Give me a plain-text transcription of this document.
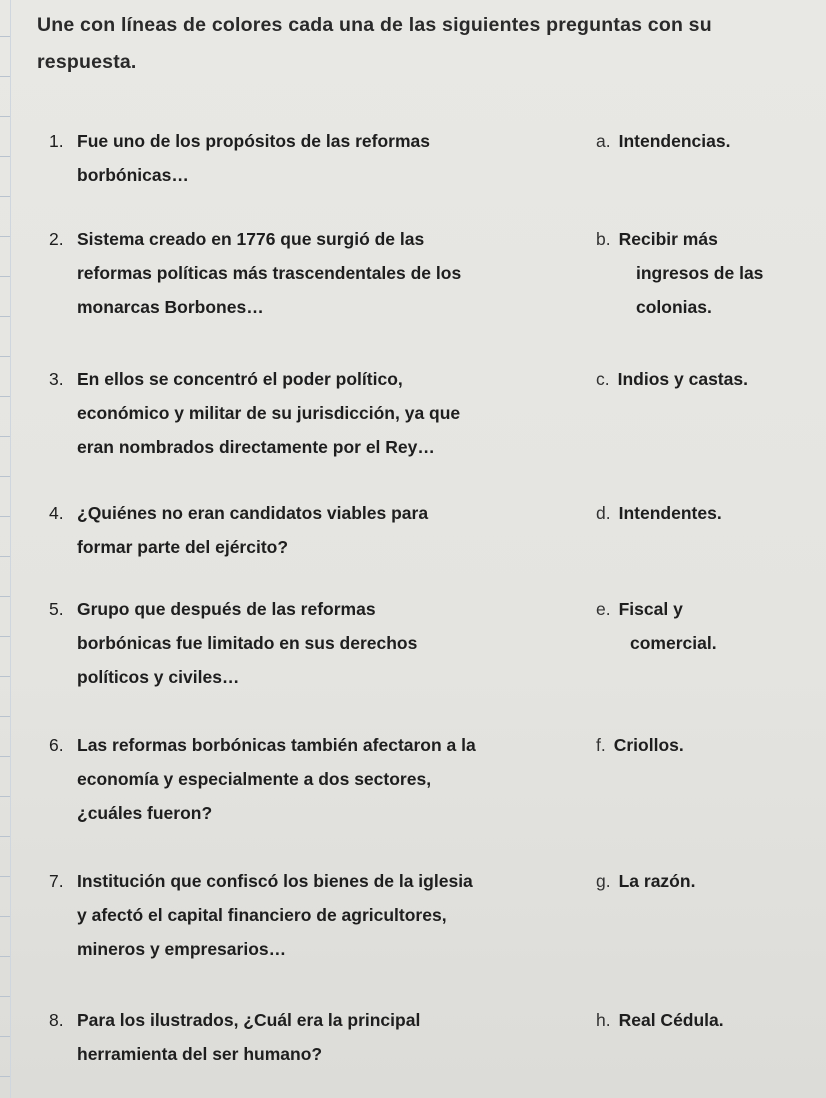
Une con líneas de colores cada una de las siguientes preguntas con su
respuesta.
1. Fue uno de los propósitos de las reformas
borbónicas…
2. Sistema creado en 1776 que surgió de las
reformas políticas más trascendentales de los
monarcas Borbones…
3. En ellos se concentró el poder político,
económico y militar de su jurisdicción, ya que
eran nombrados directamente por el Rey…
4. ¿Quiénes no eran candidatos viables para
formar parte del ejército?
5. Grupo que después de las reformas
borbónicas fue limitado en sus derechos
políticos y civiles…
6. Las reformas borbónicas también afectaron a la
economía y especialmente a dos sectores,
¿cuáles fueron?
7. Institución que confiscó los bienes de la iglesia
y afectó el capital financiero de agricultores,
mineros y empresarios…
8. Para los ilustrados, ¿Cuál era la principal
herramienta del ser humano?
a. Intendencias.
b. Recibir más
ingresos de las
colonias.
c. Indios y castas.
d. Intendentes.
e. Fiscal y
comercial.
f. Criollos.
g. La razón.
h. Real Cédula.
